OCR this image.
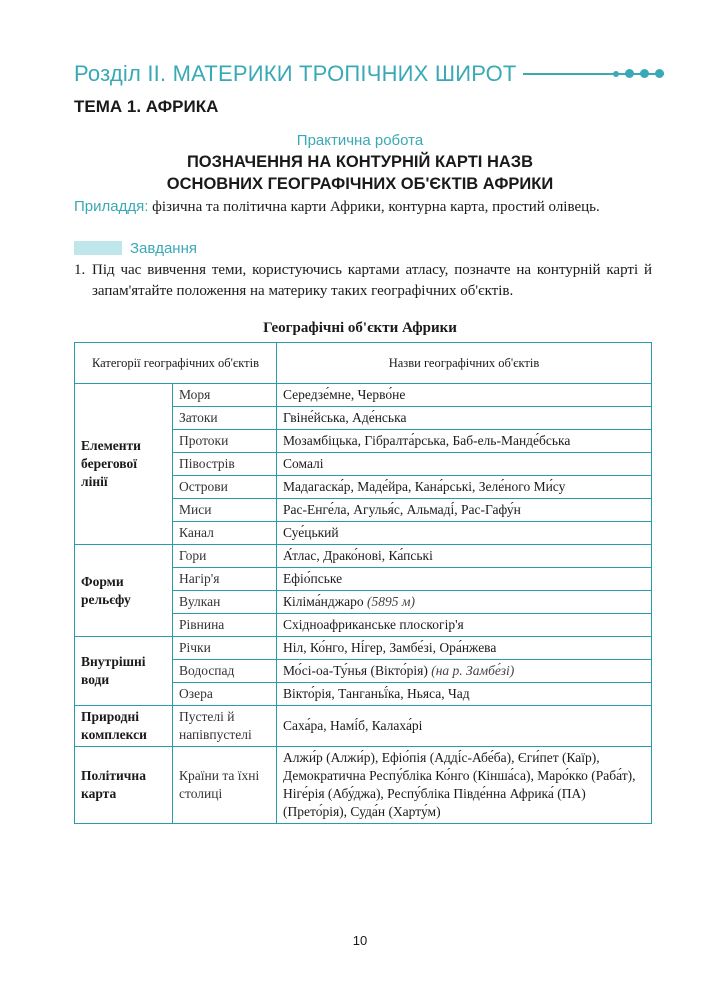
Розділ ІІ. МАТЕРИКИ ТРОПІЧНИХ ШИРОТ
ТЕМА 1. АФРИКА
Практична робота
ПОЗНАЧЕННЯ НА КОНТУРНІЙ КАРТІ НАЗВ
ОСНОВНИХ ГЕОГРАФІЧНИХ ОБ'ЄКТІВ АФРИКИ
Приладдя: фізична та політична карти Африки, контурна карта, простий олівець.
Завдання
1. Під час вивчення теми, користуючись картами атласу, позначте на контурній карті й запам'ятайте положення на материку таких географічних об'єктів.
Географічні об'єкти Африки
Категорії географічних об'єктів		Назви географічних об'єктів
Елементи берегової лінії	Моря	Середзе́мне, Черво́не
	Затоки	Гвіне́йська, Аде́нська
	Протоки	Мозамбіцька, Гібралта́рська, Баб-ель-Манде́бська
	Півострів	Сомалі
	Острови	Мадагаска́р, Маде́йра, Кана́рські, Зеле́ного Ми́су
	Миси	Рас-Енге́ла, Агулья́с, Альмаді́, Рас-Гафу́н
	Канал	Суе́цький
Форми рельєфу	Гори	А́тлас, Драко́нові, Ка́пські
	Нагір'я	Ефіо́пське
	Вулкан	Кіліма́нджаро (5895 м)
	Рівнина	Східноафриканське плоскогір'я
Внутрішні води	Річки	Ніл, Ко́нго, Ні́гер, Замбе́зі, Ора́нжева
	Водоспад	Мо́сі-оа-Ту́нья (Вікто́рія) (на р. Замбе́зі)
	Озера	Вікто́рія, Танганьї́ка, Ньяса, Чад
Природні комплекси	Пустелі й напівпустелі	Саха́ра, Намі́б, Калаха́рі
Політична карта	Країни та їхні столиці	Алжи́р (Алжи́р), Ефіо́пія (Адді́с-Абе́ба), Єги́пет (Каїр), Демократична Респу́бліка Ко́нго (Кінша́са), Маро́кко (Раба́т), Ніге́рія (Абу́джа), Респу́бліка Півде́нна Африка́ (ПА) (Прето́рія), Суда́н (Харту́м)
10
